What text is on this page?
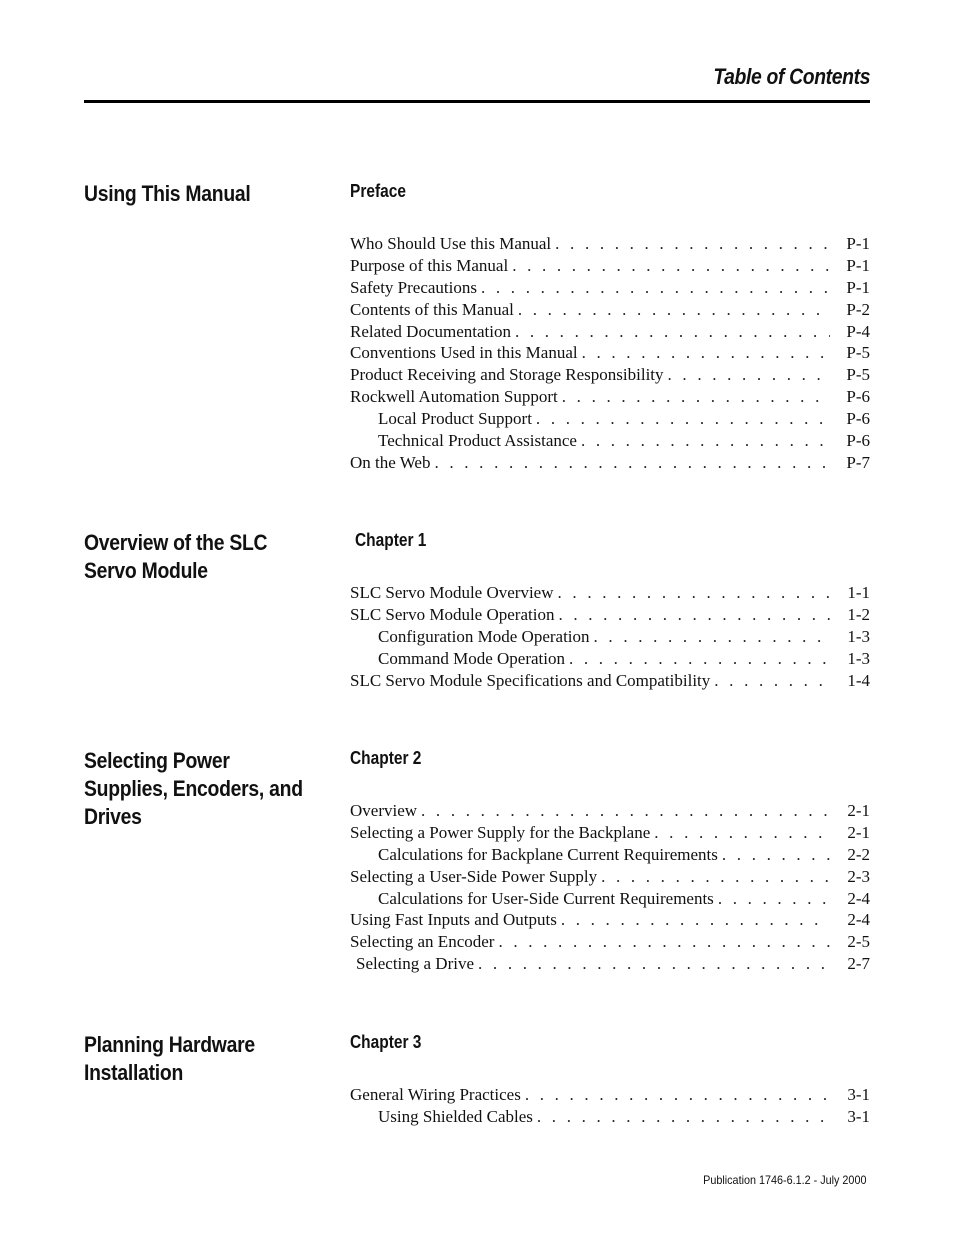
Table of Contents
Using This Manual	Preface
Who Should Use this Manual . . .	P-1
Purpose of this Manual . . .	P-1
Safety Precautions . . .	P-1
Contents of this Manual . . .	P-2
Related Documentation . . .	P-4
Conventions Used in this Manual . . .	P-5
Product Receiving and Storage Responsibility . . .	P-5
Rockwell Automation Support . . .	P-6
Local Product Support . . .	P-6
Technical Product Assistance . . .	P-6
On the Web . . .	P-7
Overview of the SLC Servo Module
Chapter 1
SLC Servo Module Overview . . .	1-1
SLC Servo Module Operation . . .	1-2
Configuration Mode Operation . . .	1-3
Command Mode Operation . . .	1-3
SLC Servo Module Specifications and Compatibility . . .	1-4
Selecting Power Supplies, Encoders, and Drives
Chapter 2
Overview . . .	2-1
Selecting a Power Supply for the Backplane . . .	2-1
Calculations for Backplane Current Requirements . . .	2-2
Selecting a User-Side Power Supply . . .	2-3
Calculations for User-Side Current Requirements . . .	2-4
Using Fast Inputs and Outputs . . .	2-4
Selecting an Encoder . . .	2-5
Selecting a Drive . . .	2-7
Planning Hardware Installation
Chapter 3
General Wiring Practices . . .	3-1
Using Shielded Cables . . .	3-1
Publication 1746-6.1.2 - July 2000
